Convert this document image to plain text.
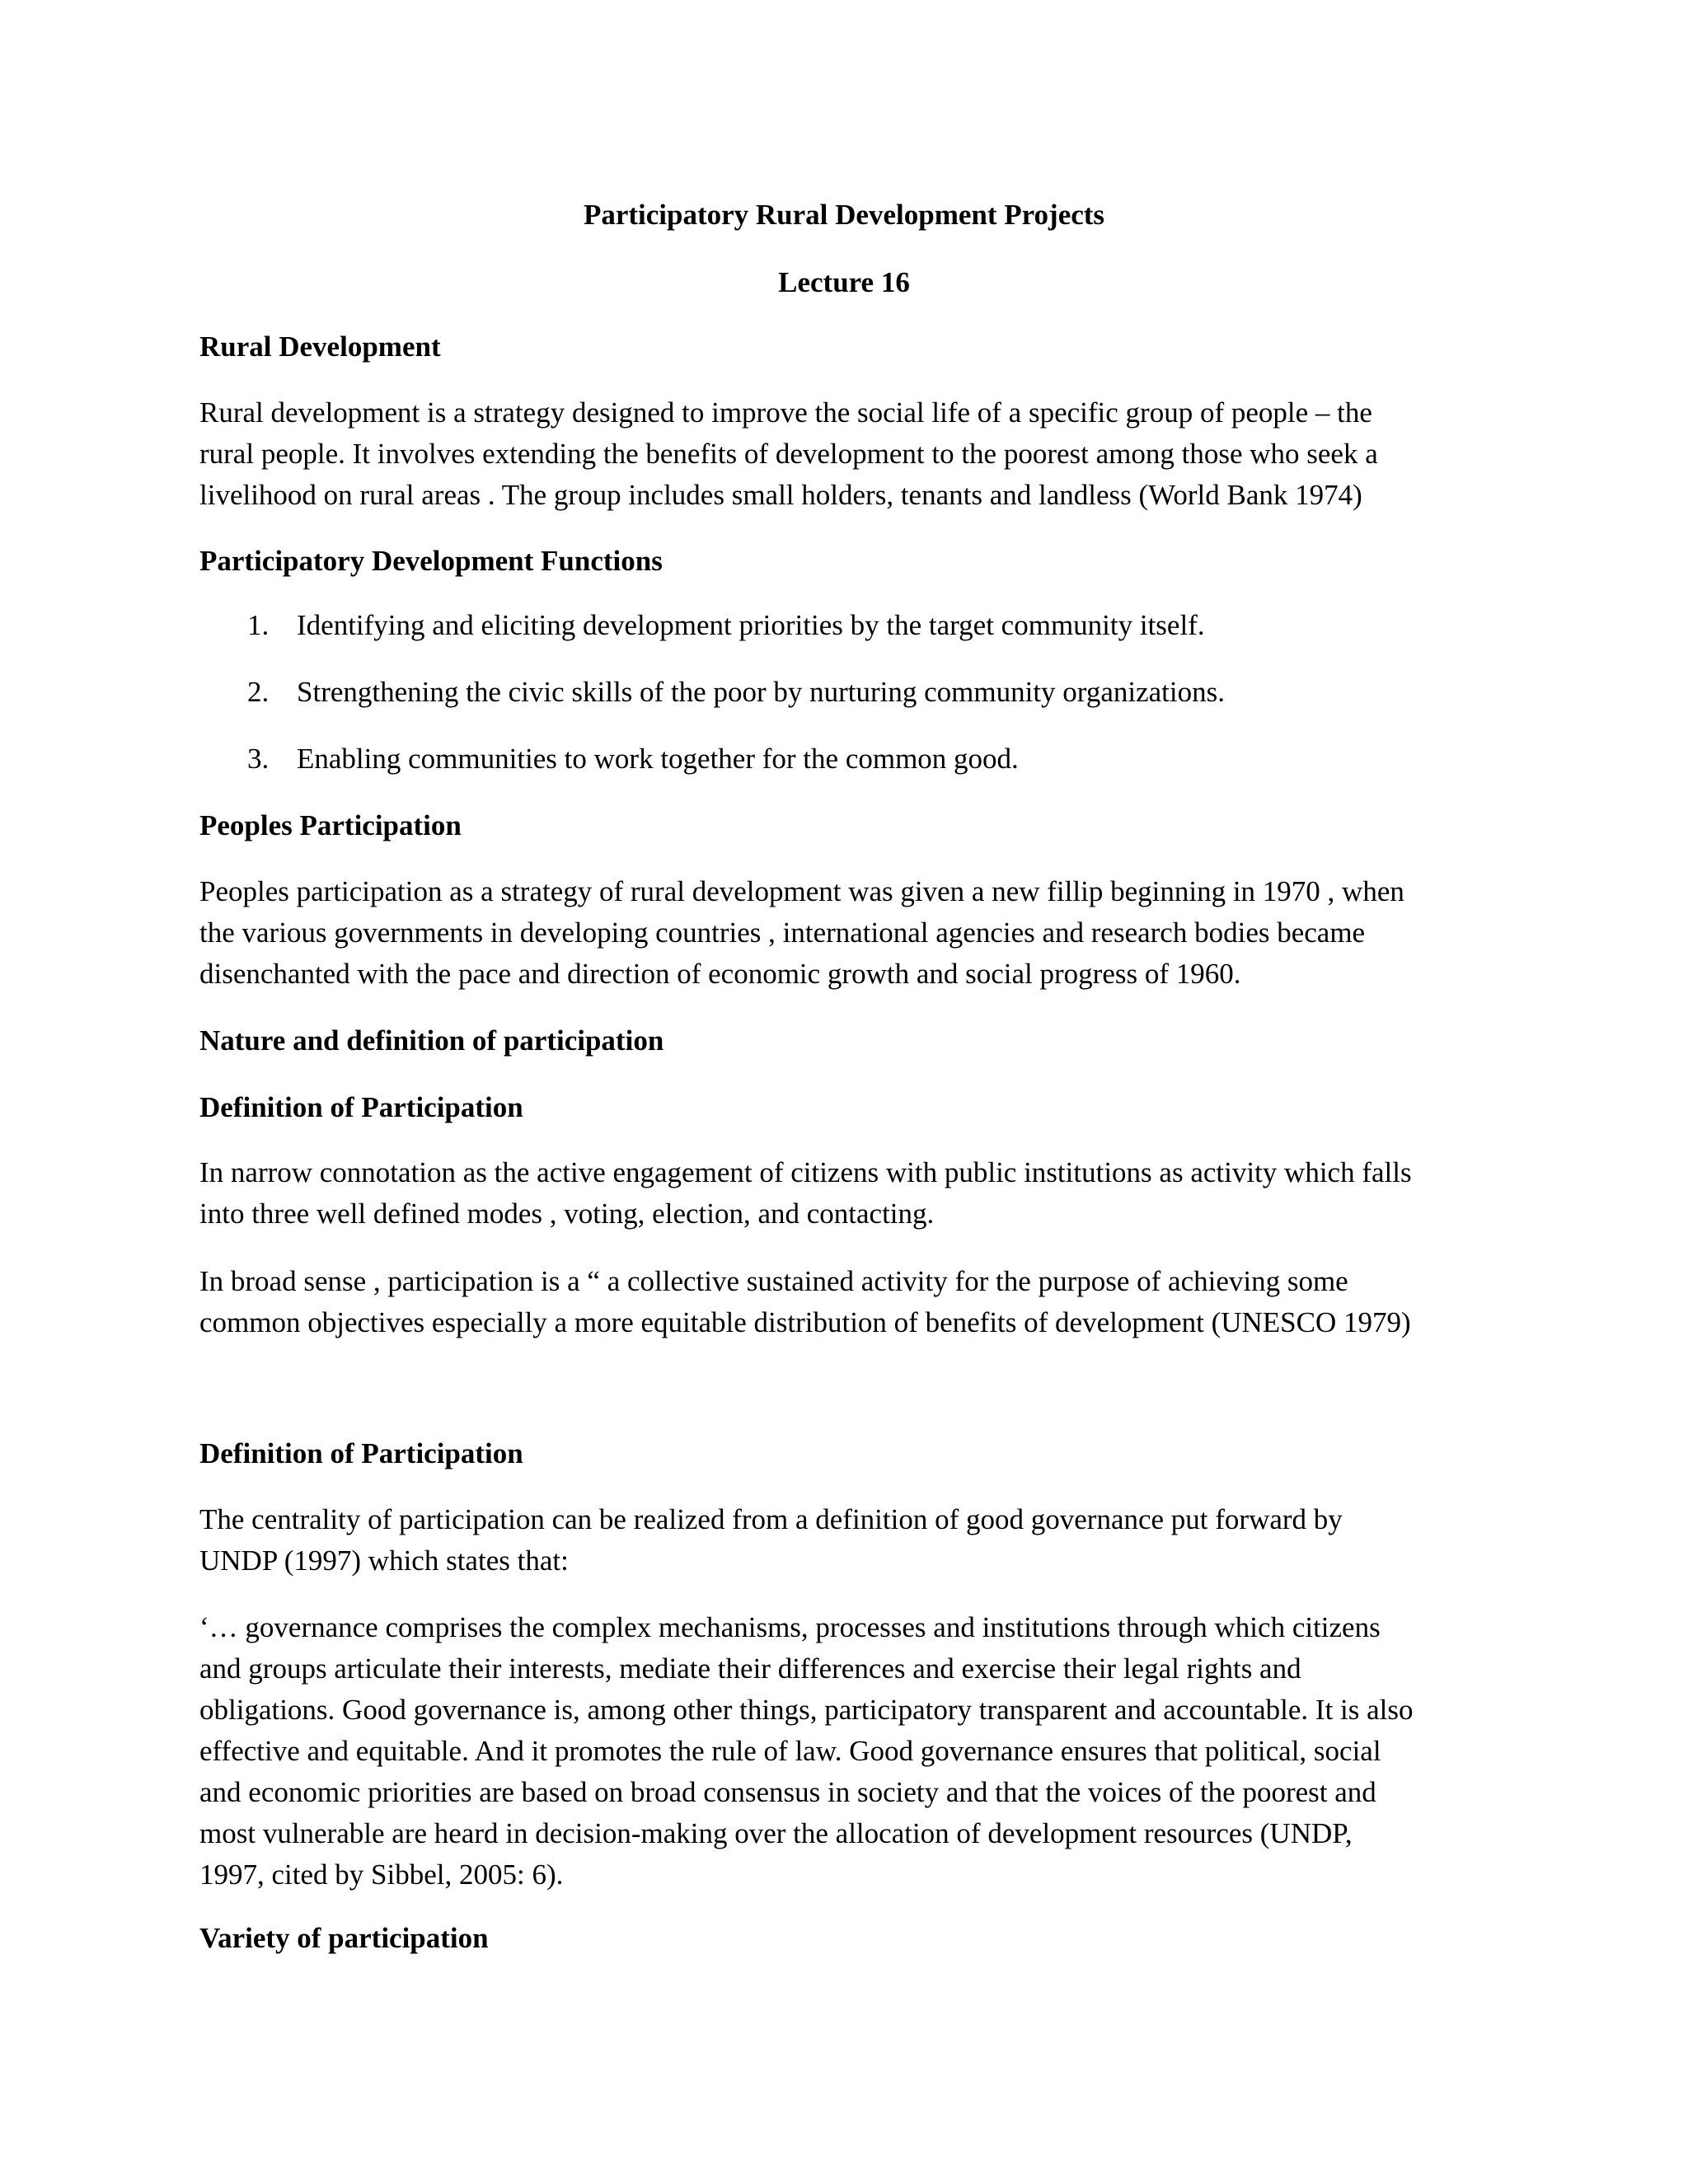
Participatory Rural Development Projects
Lecture 16
Rural Development
Rural development is a strategy designed to improve the social life of a specific group of people – the
rural people. It involves extending the benefits of development to the poorest among those who seek a
livelihood on rural areas . The group includes small holders, tenants and landless (World Bank 1974)
Participatory Development Functions
1. Identifying and eliciting development priorities by the target community itself.
2. Strengthening the civic skills of the poor by nurturing community organizations.
3. Enabling communities to work together for the common good.
Peoples Participation
Peoples participation as a strategy of rural development was given a new fillip beginning in 1970 , when
the various governments in developing countries , international agencies and research bodies became
disenchanted with the pace and direction of economic growth and social progress of 1960.
Nature and definition of participation
Definition of Participation
In narrow connotation as the active engagement of citizens with public institutions as activity which falls
into three well defined modes , voting, election, and contacting.
In broad sense , participation is a “ a collective sustained activity for the purpose of achieving some
common objectives especially a more equitable distribution of benefits of development (UNESCO 1979)
Definition of Participation
The centrality of participation can be realized from a definition of good governance put forward by
UNDP (1997) which states that:
‘… governance comprises the complex mechanisms, processes and institutions through which citizens
and groups articulate their interests, mediate their differences and exercise their legal rights and
obligations. Good governance is, among other things, participatory transparent and accountable. It is also
effective and equitable. And it promotes the rule of law. Good governance ensures that political, social
and economic priorities are based on broad consensus in society and that the voices of the poorest and
most vulnerable are heard in decision-making over the allocation of development resources (UNDP,
1997, cited by Sibbel, 2005: 6).
Variety of participation
